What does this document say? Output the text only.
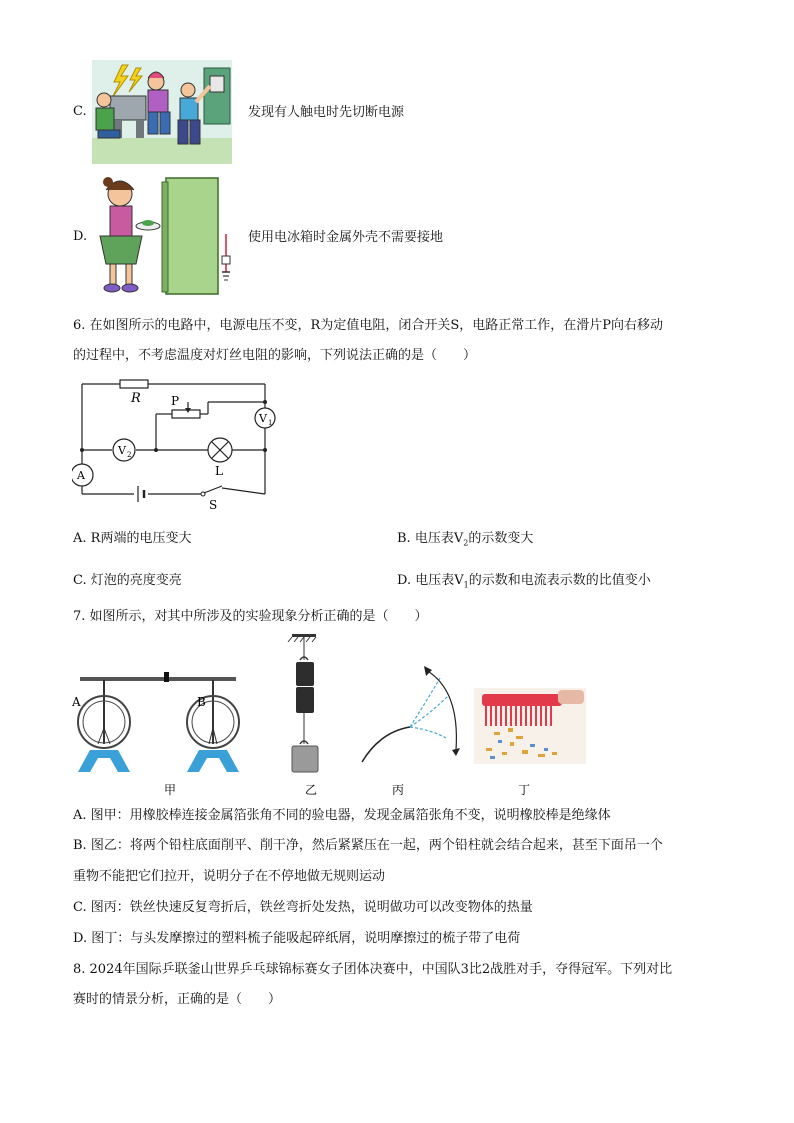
C.	发现有人触电时先切断电源
D.	使用电冰箱时金属外壳不需要接地
6. 在如图所示的电路中，电源电压不变，R为定值电阻，闭合开关S，电路正常工作，在滑片P向右移动
的过程中，不考虑温度对灯丝电阻的影响，下列说法正确的是（　　）
R	P
V 1
V 2
A	L
S
A. R两端的电压变大	B. 电压表$V_2$的示数变大
C. 灯泡的亮度变亮	D. 电压表$V_1$的示数和电流表示数的比值变小
7. 如图所示，对其中所涉及的实验现象分析正确的是（　　）
A	B
甲	乙	丙	丁
A. 图甲：用橡胶棒连接金属箔张角不同的验电器，发现金属箔张角不变，说明橡胶棒是绝缘体
B. 图乙：将两个铅柱底面削平、削干净，然后紧紧压在一起，两个铅柱就会结合起来，甚至下面吊一个
重物不能把它们拉开，说明分子在不停地做无规则运动
C. 图丙：铁丝快速反复弯折后，铁丝弯折处发热，说明做功可以改变物体的热量
D. 图丁：与头发摩擦过的塑料梳子能吸起碎纸屑，说明摩擦过的梳子带了电荷
8. 2024年国际乒联釜山世界乒乓球锦标赛女子团体决赛中，中国队3比2战胜对手，夺得冠军。下列对比
赛时的情景分析，正确的是（　　）
